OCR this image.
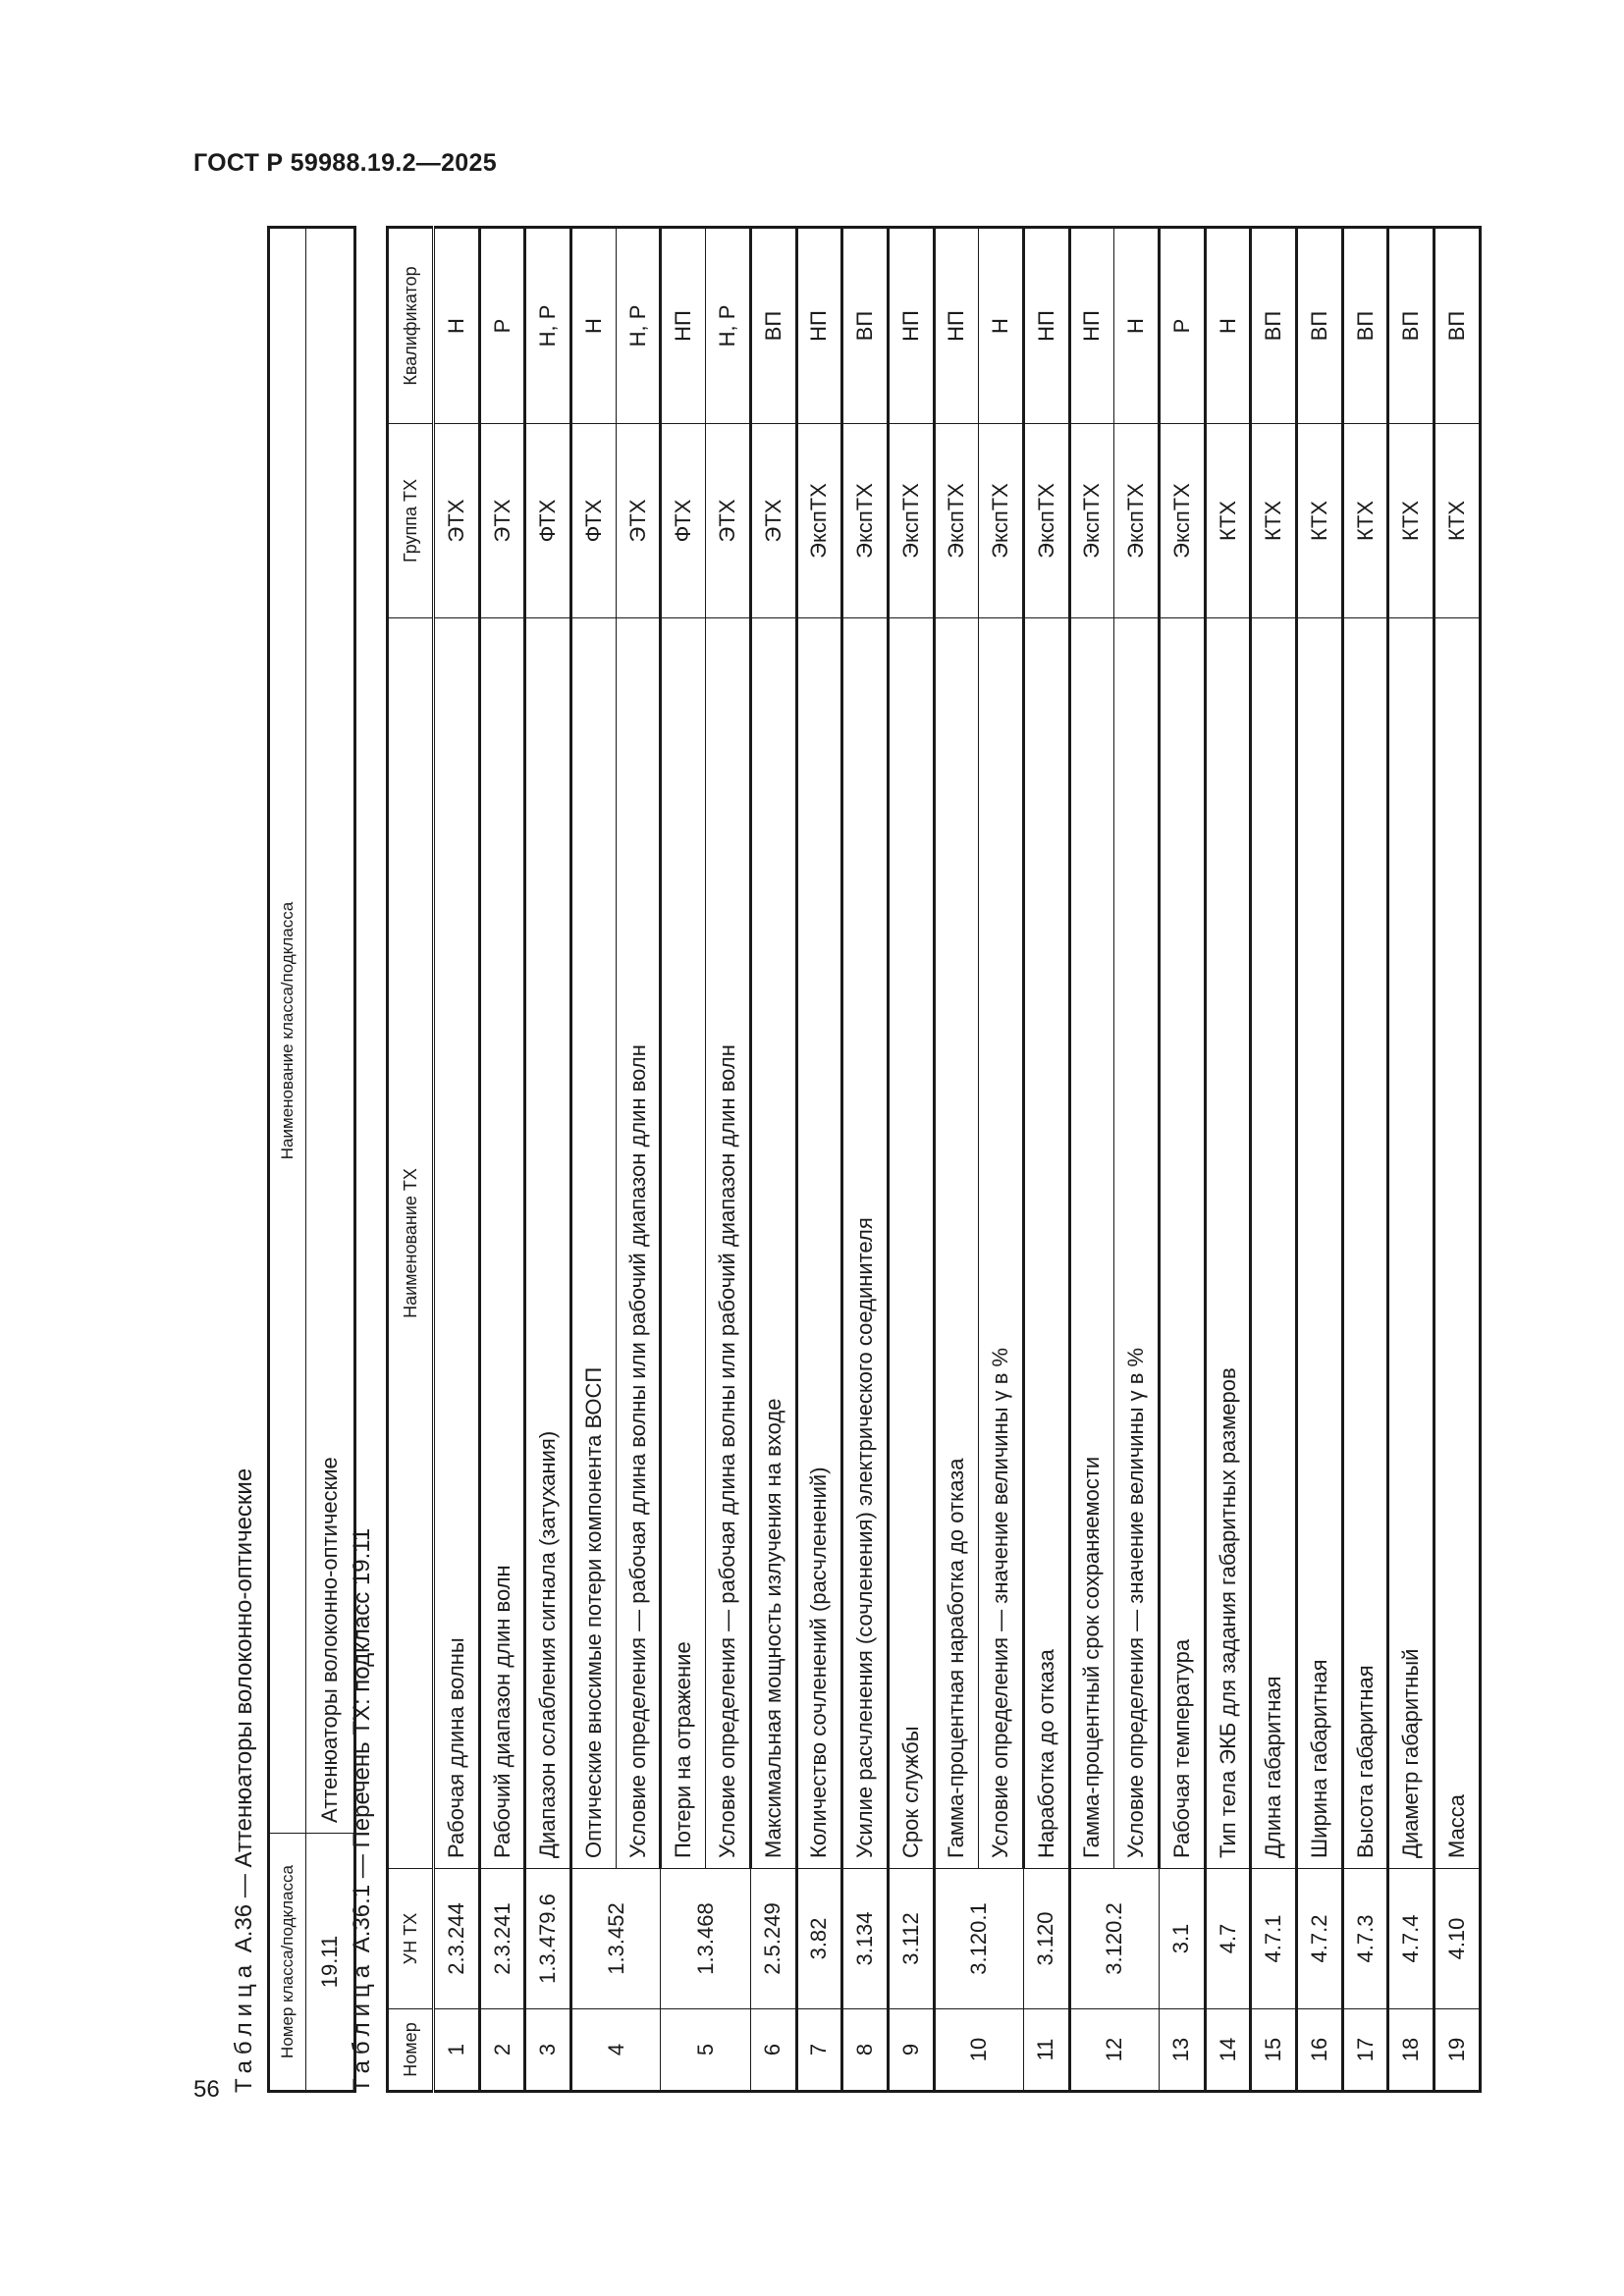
ГОСТ Р 59988.19.2—2025
56 Таблица А.36 — Аттенюаторы волоконно-оптические
Номер класса/подкласса	Наименование класса/подкласса
19.11	Аттенюаторы волоконно-оптические
Таблица А.36.1 — Перечень ТХ: подкласс 19.11
Номер	УН ТХ	Наименование ТХ	Группа ТХ	Квалификатор
1	2.3.244	Рабочая длина волны	ЭТХ	Н
2	2.3.241	Рабочий диапазон длин волн	ЭТХ	Р
3	1.3.479.6	Диапазон ослабления сигнала (затухания)	ФТХ	Н, Р
4	1.3.452	Оптические вносимые потери компонента ВОСП	ФТХ	Н
		Условие определения — рабочая длина волны или рабочий диапазон длин волн	ЭТХ	Н, Р
5	1.3.468	Потери на отражение	ФТХ	НП
		Условие определения — рабочая длина волны или рабочий диапазон длин волн	ЭТХ	Н, Р
6	2.5.249	Максимальная мощность излучения на входе	ЭТХ	ВП
7	3.82	Количество сочленений (расчленений)	ЭкспТХ	НП
8	3.134	Усилие расчленения (сочленения) электрического соединителя	ЭкспТХ	ВП
9	3.112	Срок службы	ЭкспТХ	НП
10	3.120.1	Гамма-процентная наработка до отказа	ЭкспТХ	НП
		Условие определения — значение величины γ в %	ЭкспТХ	Н
11	3.120	Наработка до отказа	ЭкспТХ	НП
12	3.120.2	Гамма-процентный срок сохраняемости	ЭкспТХ	НП
		Условие определения — значение величины γ в %	ЭкспТХ	Н
13	3.1	Рабочая температура	ЭкспТХ	Р
14	4.7	Тип тела ЭКБ для задания габаритных размеров	КТХ	Н
15	4.7.1	Длина габаритная	КТХ	ВП
16	4.7.2	Ширина габаритная	КТХ	ВП
17	4.7.3	Высота габаритная	КТХ	ВП
18	4.7.4	Диаметр габаритный	КТХ	ВП
19	4.10	Масса	КТХ	ВП
